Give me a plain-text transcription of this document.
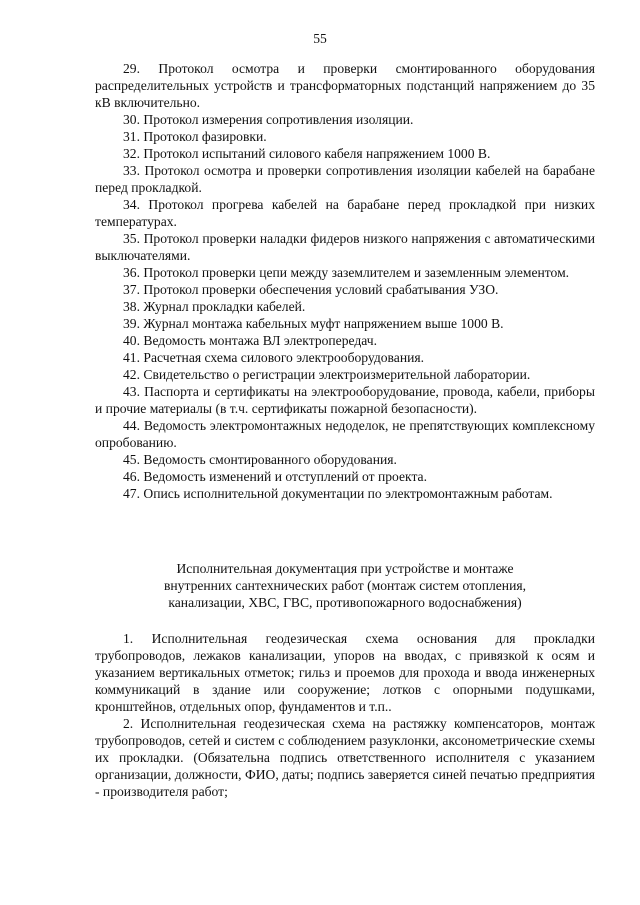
55

29. Протокол осмотра и проверки смонтированного оборудования распределительных устройств и трансформаторных подстанций напряжением до 35 кВ включительно.

30. Протокол измерения сопротивления изоляции.

31. Протокол фазировки.

32. Протокол испытаний силового кабеля напряжением 1000 В.

33. Протокол осмотра и проверки сопротивления изоляции кабелей на барабане перед прокладкой.

34. Протокол прогрева кабелей на барабане перед прокладкой при низких температурах.

35. Протокол проверки наладки фидеров низкого напряжения с автоматическими выключателями.

36. Протокол проверки цепи между заземлителем и заземленным элементом.

37. Протокол проверки обеспечения условий срабатывания УЗО.

38. Журнал прокладки кабелей.

39. Журнал монтажа кабельных муфт напряжением выше 1000 В.

40. Ведомость монтажа ВЛ электропередач.

41. Расчетная схема силового электрооборудования.

42. Свидетельство о регистрации электроизмерительной лаборатории.

43. Паспорта и сертификаты на электрооборудование, провода, кабели, приборы и прочие материалы (в т.ч. сертификаты пожарной безопасности).

44. Ведомость электромонтажных недоделок, не препятствующих комплексному опробованию.

45. Ведомость смонтированного оборудования.

46. Ведомость изменений и отступлений от проекта.

47. Опись исполнительной документации по электромонтажным работам.

Исполнительная документация при устройстве и монтаже

внутренних сантехнических работ (монтаж систем отопления,

канализации, ХВС, ГВС, противопожарного водоснабжения)

1. Исполнительная геодезическая схема основания для прокладки трубопроводов, лежаков канализации, упоров на вводах, с привязкой к осям и указанием вертикальных отметок; гильз и проемов для прохода и ввода инженерных коммуникаций в здание или сооружение; лотков с опорными подушками, кронштейнов, отдельных опор, фундаментов и т.п..

2. Исполнительная геодезическая схема на растяжку компенсаторов, монтаж трубопроводов, сетей и систем с соблюдением разуклонки, аксонометрические схемы их прокладки. (Обязательна подпись ответственного исполнителя с указанием организации, должности, ФИО, даты; подпись заверяется синей печатью предприятия - производителя работ;
